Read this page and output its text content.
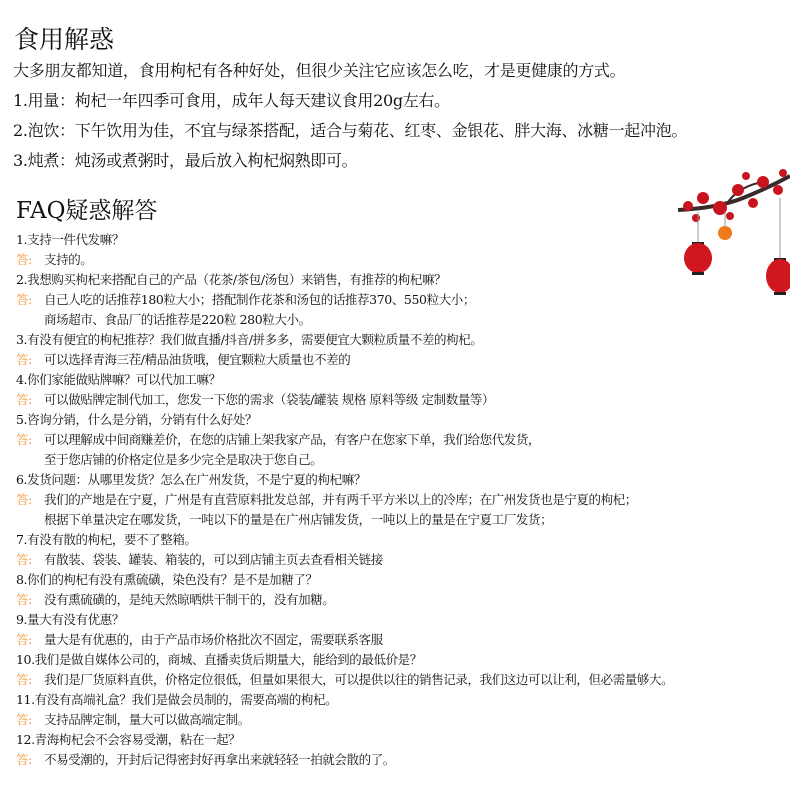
食用解惑
大多朋友都知道，食用枸杞有各种好处，但很少关注它应该怎么吃，才是更健康的方式。
1.用量：枸杞一年四季可食用，成年人每天建议食用20g左右。
2.泡饮：下午饮用为佳，不宜与绿茶搭配，适合与菊花、红枣、金银花、胖大海、冰糖一起冲泡。
3.炖煮：炖汤或煮粥时，最后放入枸杞焖熟即可。
FAQ疑惑解答
1.支持一件代发嘛？
答: 支持的。
2.我想购买枸杞来搭配自己的产品（花茶/茶包/汤包）来销售，有推荐的枸杞嘛？
答: 自己人吃的话推荐180粒大小；搭配制作花茶和汤包的话推荐370、550粒大小；
商场超市、食品厂的话推荐是220粒 280粒大小。
3.有没有便宜的枸杞推荐？我们做直播/抖音/拼多多，需要便宜大颗粒质量不差的枸杞。
答: 可以选择青海三茬/精品油货哦，便宜颗粒大质量也不差的
4.你们家能做贴牌嘛？可以代加工嘛？
答: 可以做贴牌定制代加工，您发一下您的需求（袋装/罐装 规格 原料等级 定制数量等）
5.咨询分销，什么是分销，分销有什么好处？
答: 可以理解成中间商赚差价，在您的店铺上架我家产品，有客户在您家下单，我们给您代发货，
至于您店铺的价格定位是多少完全是取决于您自己。
6.发货问题：从哪里发货？怎么在广州发货，不是宁夏的枸杞嘛？
答: 我们的产地是在宁夏，广州是有直营原料批发总部，并有两千平方米以上的冷库；在广州发货也是宁夏的枸杞；
根据下单量决定在哪发货，一吨以下的量是在广州店铺发货，一吨以上的量是在宁夏工厂发货；
7.有没有散的枸杞，要不了整箱。
答: 有散装、袋装、罐装、箱装的，可以到店铺主页去查看相关链接
8.你们的枸杞有没有熏硫磺，染色没有？是不是加糖了？
答: 没有熏硫磺的，是纯天然晾晒烘干制干的，没有加糖。
9.量大有没有优惠？
答: 量大是有优惠的，由于产品市场价格批次不固定，需要联系客服
10.我们是做自媒体公司的，商城、直播卖货后期量大，能给到的最低价是？
答: 我们是厂货原料直供，价格定位很低，但量如果很大，可以提供以往的销售记录，我们这边可以让利，但必需量够大。
11.有没有高端礼盒？我们是做会员制的，需要高端的枸杞。
答: 支持品牌定制，量大可以做高端定制。
12.青海枸杞会不会容易受潮，粘在一起？
答: 不易受潮的，开封后记得密封好再拿出来就轻轻一拍就会散的了。
